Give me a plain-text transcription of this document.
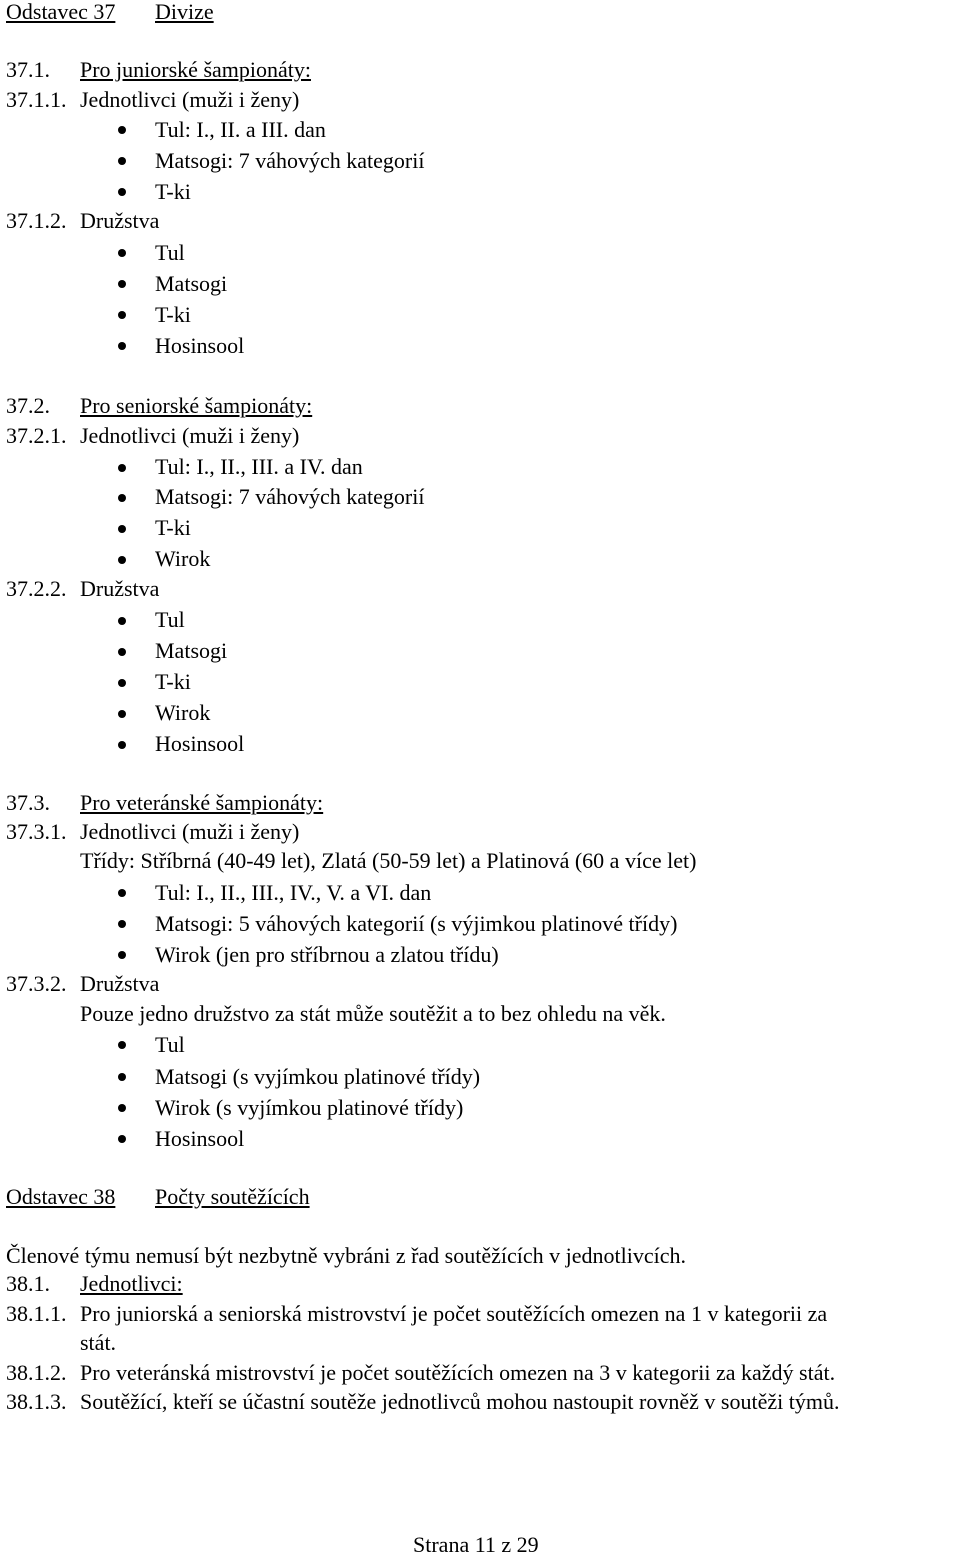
Odstavec 37 Divize
37.1. Pro juniorské šampionáty:
37.1.1. Jednotlivci (muži i ženy)
Tul: I., II. a III. dan
Matsogi: 7 váhových kategorií
T-ki
37.1.2. Družstva
Tul
Matsogi
T-ki
Hosinsool
37.2. Pro seniorské šampionáty:
37.2.1. Jednotlivci (muži i ženy)
Tul: I., II., III. a IV. dan
Matsogi: 7 váhových kategorií
T-ki
Wirok
37.2.2. Družstva
Tul
Matsogi
T-ki
Wirok
Hosinsool
37.3. Pro veteránské šampionáty:
37.3.1. Jednotlivci (muži i ženy)
Třídy: Stříbrná (40-49 let), Zlatá (50-59 let) a Platinová (60 a více let)
Tul: I., II., III., IV., V. a VI. dan
Matsogi: 5 váhových kategorií (s výjimkou platinové třídy)
Wirok (jen pro stříbrnou a zlatou třídu)
37.3.2. Družstva
Pouze jedno družstvo za stát může soutěžit a to bez ohledu na věk.
Tul
Matsogi (s vyjímkou platinové třídy)
Wirok (s vyjímkou platinové třídy)
Hosinsool
Odstavec 38 Počty soutěžících
Členové týmu nemusí být nezbytně vybráni z řad soutěžících v jednotlivcích.
38.1. Jednotlivci:
38.1.1. Pro juniorská a seniorská mistrovství je počet soutěžících omezen na 1 v kategorii za
stát.
38.1.2. Pro veteránská mistrovství je počet soutěžících omezen na 3 v kategorii za každý stát.
38.1.3. Soutěžící, kteří se účastní soutěže jednotlivců mohou nastoupit rovněž v soutěži týmů.
Strana 11 z 29
